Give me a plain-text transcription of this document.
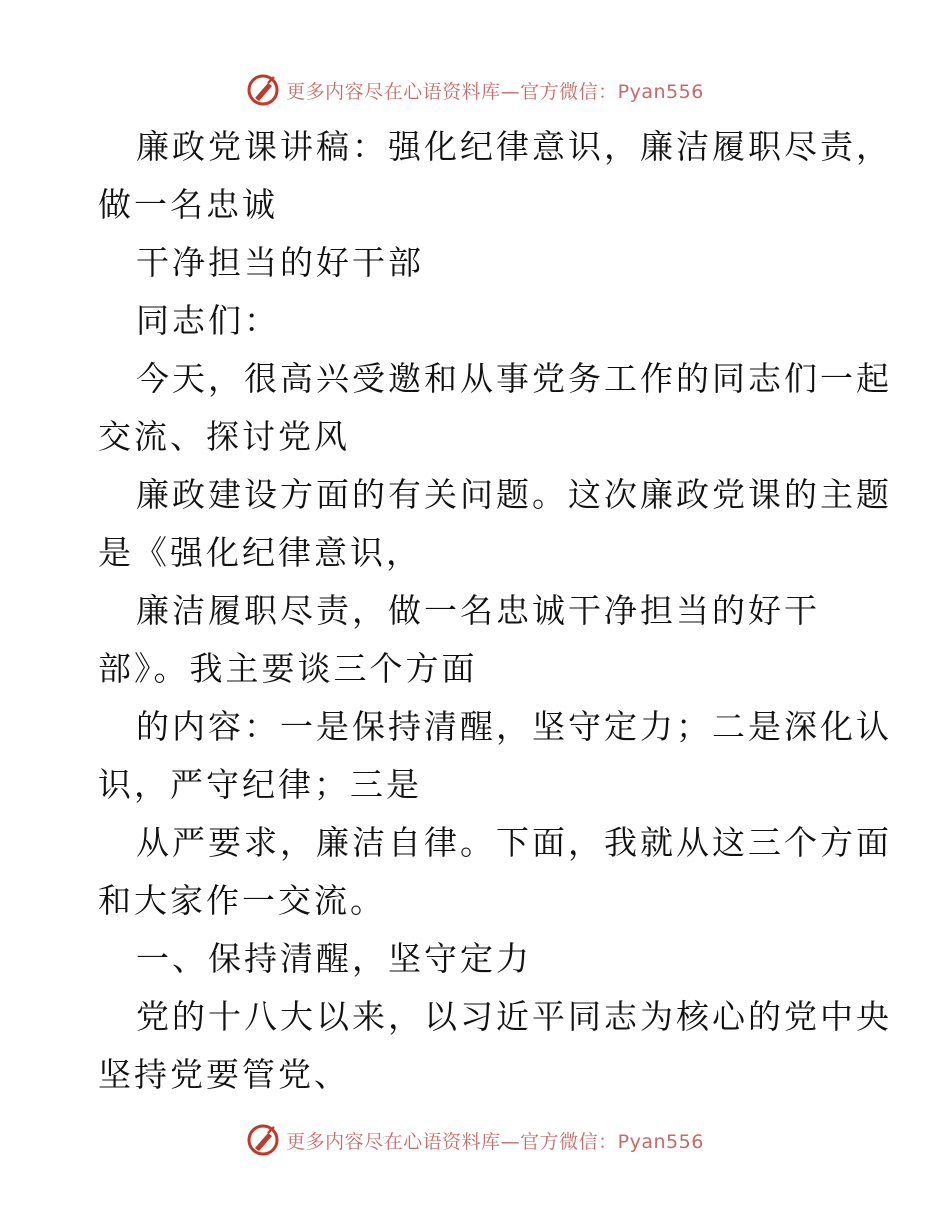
更多内容尽在心语资料库—官方微信：Pyan556

廉政党课讲稿：强化纪律意识，廉洁履职尽责，

做一名忠诚

干净担当的好干部

同志们：

今天，很高兴受邀和从事党务工作的同志们一起

交流、探讨党风

廉政建设方面的有关问题。这次廉政党课的主题

是《强化纪律意识，

廉洁履职尽责，做一名忠诚干净担当的好干

部》。我主要谈三个方面

的内容：一是保持清醒，坚守定力；二是深化认

识，严守纪律；三是

从严要求，廉洁自律。下面，我就从这三个方面

和大家作一交流。

一、保持清醒，坚守定力

党的十八大以来，以习近平同志为核心的党中央

坚持党要管党、

更多内容尽在心语资料库—官方微信：Pyan556
